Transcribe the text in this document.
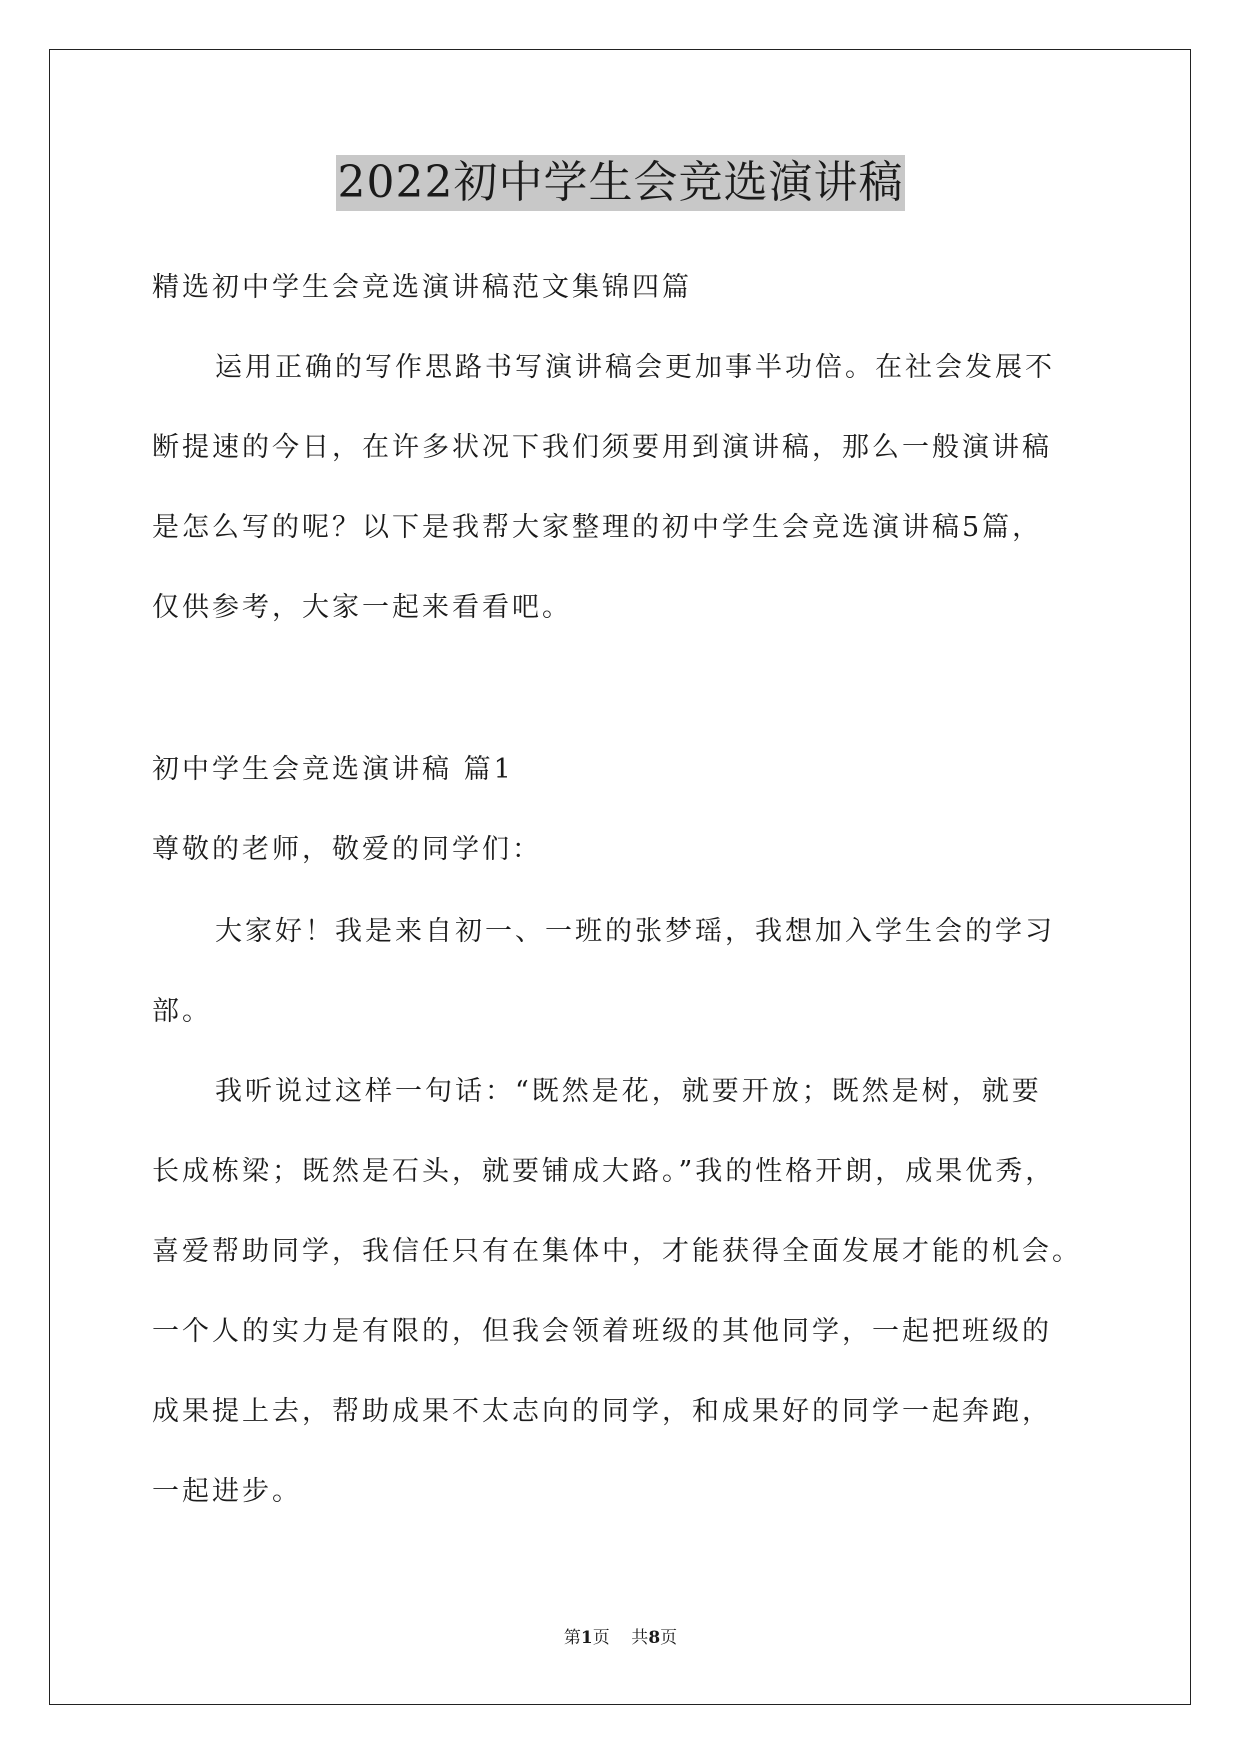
2022初中学生会竞选演讲稿
精选初中学生会竞选演讲稿范文集锦四篇
运用正确的写作思路书写演讲稿会更加事半功倍。在社会发展不
断提速的今日，在许多状况下我们须要用到演讲稿，那么一般演讲稿
是怎么写的呢？以下是我帮大家整理的初中学生会竞选演讲稿5篇，
仅供参考，大家一起来看看吧。
初中学生会竞选演讲稿 篇1
尊敬的老师，敬爱的同学们：
大家好！我是来自初一、一班的张梦瑶，我想加入学生会的学习
部。
我听说过这样一句话：“既然是花，就要开放；既然是树，就要
长成栋梁；既然是石头，就要铺成大路。”我的性格开朗，成果优秀，
喜爱帮助同学，我信任只有在集体中，才能获得全面发展才能的机会。
一个人的实力是有限的，但我会领着班级的其他同学，一起把班级的
成果提上去，帮助成果不太志向的同学，和成果好的同学一起奔跑，
一起进步。
第1页    共8页
